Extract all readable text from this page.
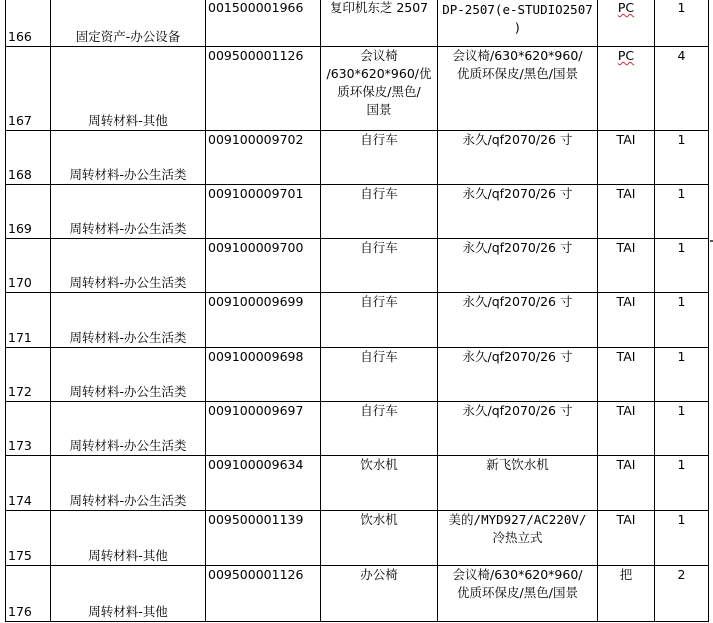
166	固定资产-办公设备	001500001966	复印机东芝 2507	DP-2507(e-STUDIO2507
)	PC	1
167	周转材料-其他	009500001126	会议椅
/630*620*960/优
质环保皮/黑色/
国景	会议椅/630*620*960/
优质环保皮/黑色/国景	PC	4
168	周转材料-办公生活类	009100009702	自行车	永久/qf2070/26 寸	TAI	1
169	周转材料-办公生活类	009100009701	自行车	永久/qf2070/26 寸	TAI	1
170	周转材料-办公生活类	009100009700	自行车	永久/qf2070/26 寸	TAI	1
171	周转材料-办公生活类	009100009699	自行车	永久/qf2070/26 寸	TAI	1
172	周转材料-办公生活类	009100009698	自行车	永久/qf2070/26 寸	TAI	1
173	周转材料-办公生活类	009100009697	自行车	永久/qf2070/26 寸	TAI	1
174	周转材料-办公生活类	009100009634	饮水机	新飞饮水机	TAI	1
175	周转材料-其他	009500001139	饮水机	美的/MYD927/AC220V/
冷热立式	TAI	1
176	周转材料-其他	009500001126	办公椅	会议椅/630*620*960/
优质环保皮/黑色/国景	把	2
